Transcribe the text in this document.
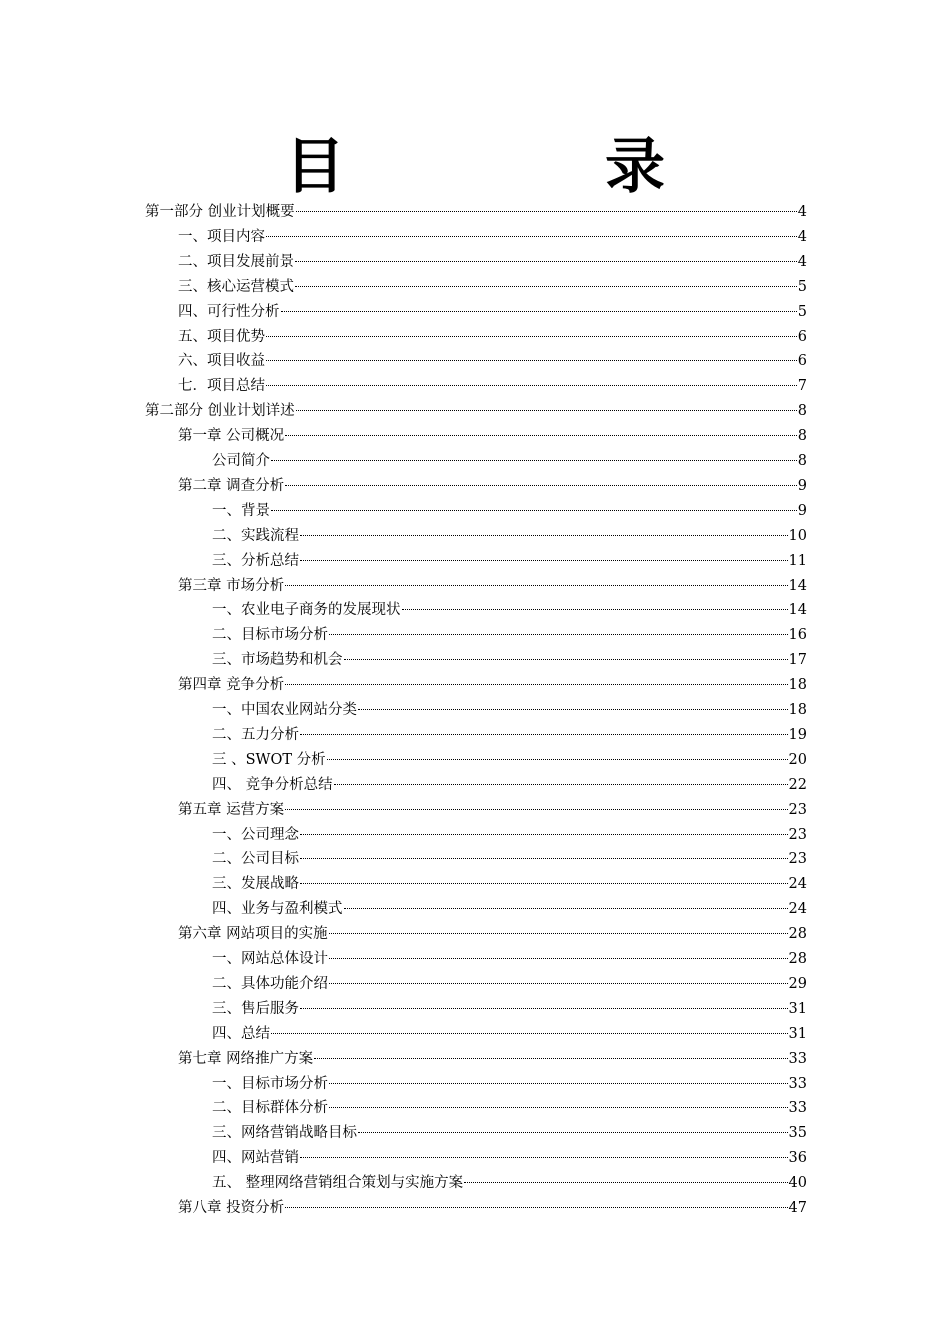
目　录
第一部分 创业计划概要	4
一、项目内容	4
二、项目发展前景	4
三、核心运营模式	5
四、可行性分析	5
五、项目优势	6
六、项目收益	6
七．项目总结	7
第二部分 创业计划详述	8
第一章 公司概况	8
公司简介	8
第二章 调查分析	9
一、背景	9
二、实践流程	10
三、分析总结	11
第三章 市场分析	14
一、农业电子商务的发展现状	14
二、目标市场分析	16
三、市场趋势和机会	17
第四章 竞争分析	18
一、中国农业网站分类	18
二、五力分析	19
三 、SWOT 分析	20
四、 竞争分析总结	22
第五章 运营方案	23
一、公司理念	23
二、公司目标	23
三、发展战略	24
四、业务与盈利模式	24
第六章 网站项目的实施	28
一、网站总体设计	28
二、具体功能介绍	29
三、售后服务	31
四、总结	31
第七章 网络推广方案	33
一、目标市场分析	33
二、目标群体分析	33
三、网络营销战略目标	35
四、网站营销	36
五、 整理网络营销组合策划与实施方案	40
第八章 投资分析	47
